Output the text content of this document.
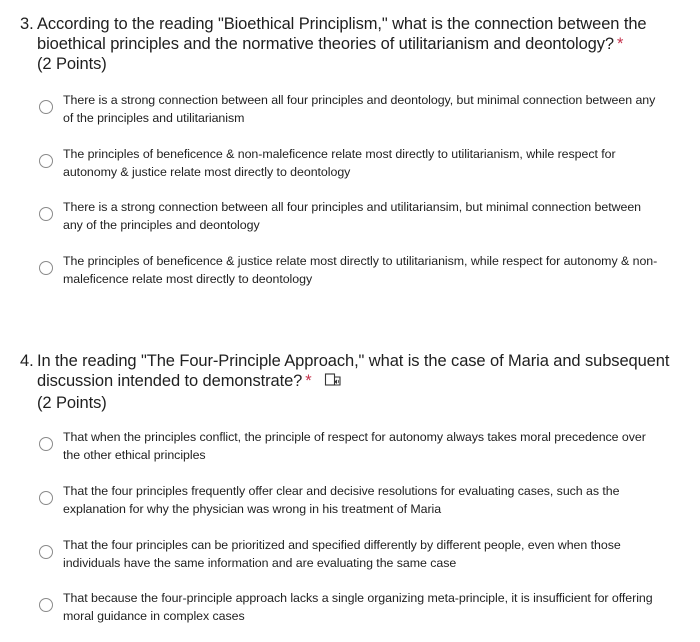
3. According to the reading "Bioethical Principlism," what is the connection between the bioethical principles and the normative theories of utilitarianism and deontology? *
(2 Points)
There is a strong connection between all four principles and deontology, but minimal connection between any of the principles and utilitarianism
The principles of beneficence & non-maleficence relate most directly to utilitarianism, while respect for autonomy & justice relate most directly to deontology
There is a strong connection between all four principles and utilitariansim, but minimal connection between any of the principles and deontology
The principles of beneficence & justice relate most directly to utilitarianism, while respect for autonomy & non-maleficence relate most directly to deontology
4. In the reading "The Four-Principle Approach," what is the case of Maria and subsequent discussion intended to demonstrate? *
(2 Points)
That when the principles conflict, the principle of respect for autonomy always takes moral precedence over the other ethical principles
That the four principles frequently offer clear and decisive resolutions for evaluating cases, such as the explanation for why the physician was wrong in his treatment of Maria
That the four principles can be prioritized and specified differently by different people, even when those individuals have the same information and are evaluating the same case
That because the four-principle approach lacks a single organizing meta-principle, it is insufficient for offering moral guidance in complex cases
